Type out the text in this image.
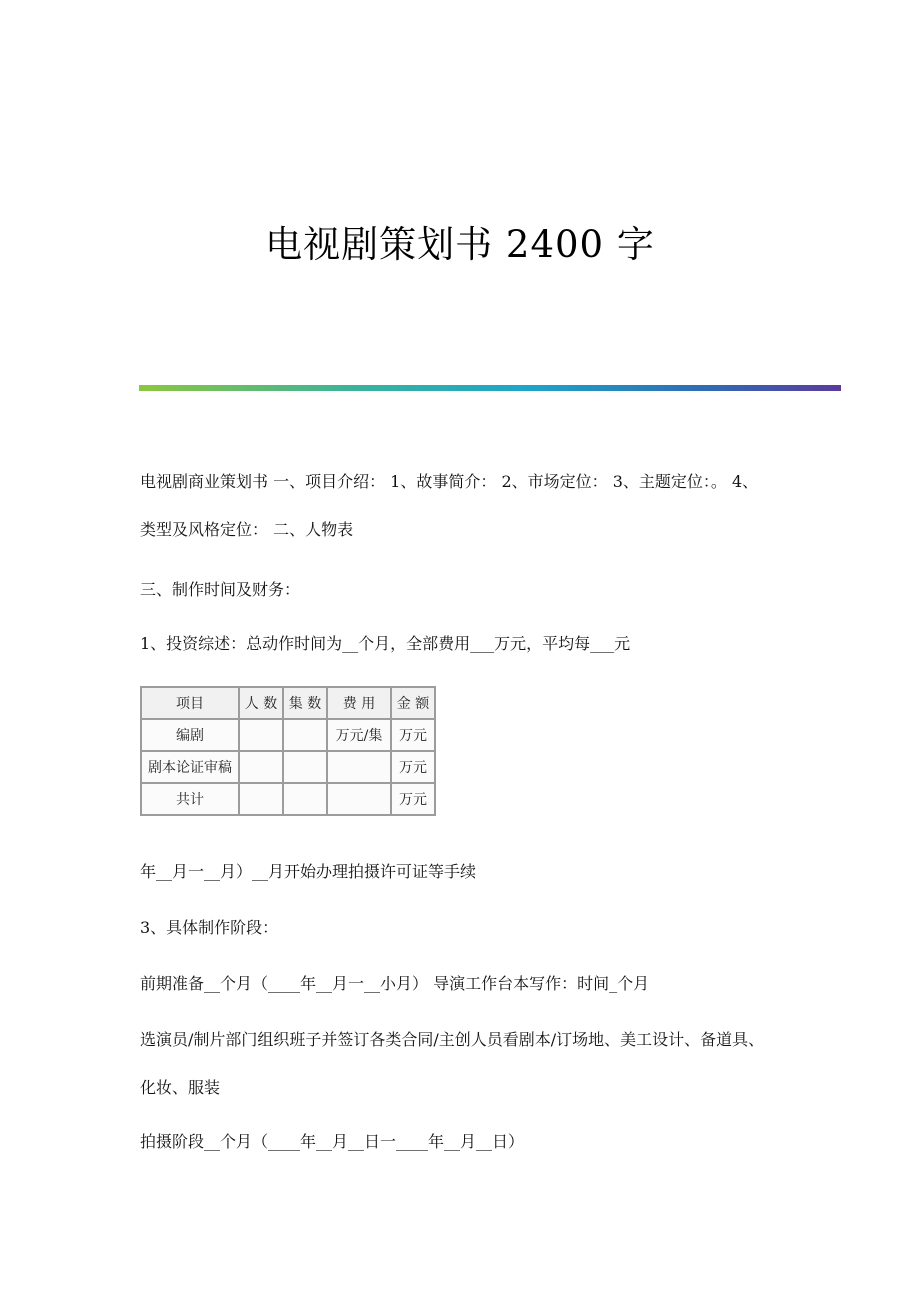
电视剧策划书 2400 字
电视剧商业策划书 一、项目介绍： 1、故事简介： 2、市场定位： 3、主题定位：。 4、类型及风格定位： 二、人物表
三、制作时间及财务：
1、投资综述：总动作时间为__个月，全部费用___万元，平均每___元
项目	人 数	集 数	费 用	金 额
编剧			万元/集	万元
剧本论证审稿				万元
共计				万元
年__月一__月）__月开始办理拍摄许可证等手续
3、具体制作阶段：
前期准备__个月（____年__月一__小月） 导演工作台本写作：时间_个月
选演员/制片部门组织班子并签订各类合同/主创人员看剧本/订场地、美工设计、备道具、化妆、服装
拍摄阶段__个月（____年__月__日一____年__月__日）
